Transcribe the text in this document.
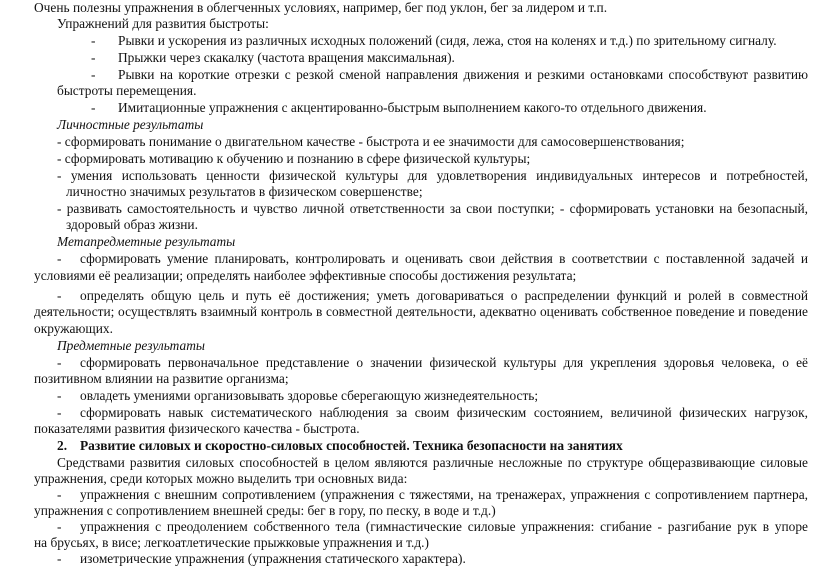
Очень полезны упражнения в облегченных условиях, например, бег под уклон, бег за лидером и т.п.
Упражнений для развития быстроты:
- Рывки и ускорения из различных исходных положений (сидя, лежа, стоя на коленях и т.д.) по зрительному сигналу.
- Прыжки через скакалку (частота вращения максимальная).
- Рывки на короткие отрезки с резкой сменой направления движения и резкими остановками способствуют развитию
быстроты перемещения.
- Имитационные упражнения с акцентированно-быстрым выполнением какого-то отдельного движения.
Личностные результаты
- сформировать понимание о двигательном качестве - быстрота и ее значимости для самосовершенствования;
- сформировать мотивацию к обучению и познанию в сфере физической культуры;
- умения использовать ценности физической культуры для удовлетворения индивидуальных интересов и потребностей,
личностно значимых результатов в физическом совершенстве;
- развивать самостоятельность и чувство личной ответственности за свои поступки; - сформировать установки на безопасный,
здоровый образ жизни.
Метапредметные результаты
- сформировать умение планировать, контролировать и оценивать свои действия в соответствии с поставленной задачей и
условиями её реализации; определять наиболее эффективные способы достижения результата;
- определять общую цель и путь её достижения; уметь договариваться о распределении функций и ролей в совместной
деятельности; осуществлять взаимный контроль в совместной деятельности, адекватно оценивать собственное поведение и поведение
окружающих.
Предметные результаты
- сформировать первоначальное представление о значении физической культуры для укрепления здоровья человека, о её
позитивном влиянии на развитие организма;
- овладеть умениями организовывать здоровье сберегающую жизнедеятельность;
- сформировать навык систематического наблюдения за своим физическим состоянием, величиной физических нагрузок,
показателями развития физического качества - быстрота.
2. Развитие силовых и скоростно-силовых способностей. Техника безопасности на занятиях
Средствами развития силовых способностей в целом являются различные несложные по структуре общеразвивающие силовые
упражнения, среди которых можно выделить три основных вида:
- упражнения с внешним сопротивлением (упражнения с тяжестями, на тренажерах, упражнения с сопротивлением партнера,
упражнения с сопротивлением внешней среды: бег в гору, по песку, в воде и т.д.)
- упражнения с преодолением собственного тела (гимнастические силовые упражнения: сгибание - разгибание рук в упоре
на брусьях, в висе; легкоатлетические прыжковые упражнения и т.д.)
- изометрические упражнения (упражнения статического характера).
